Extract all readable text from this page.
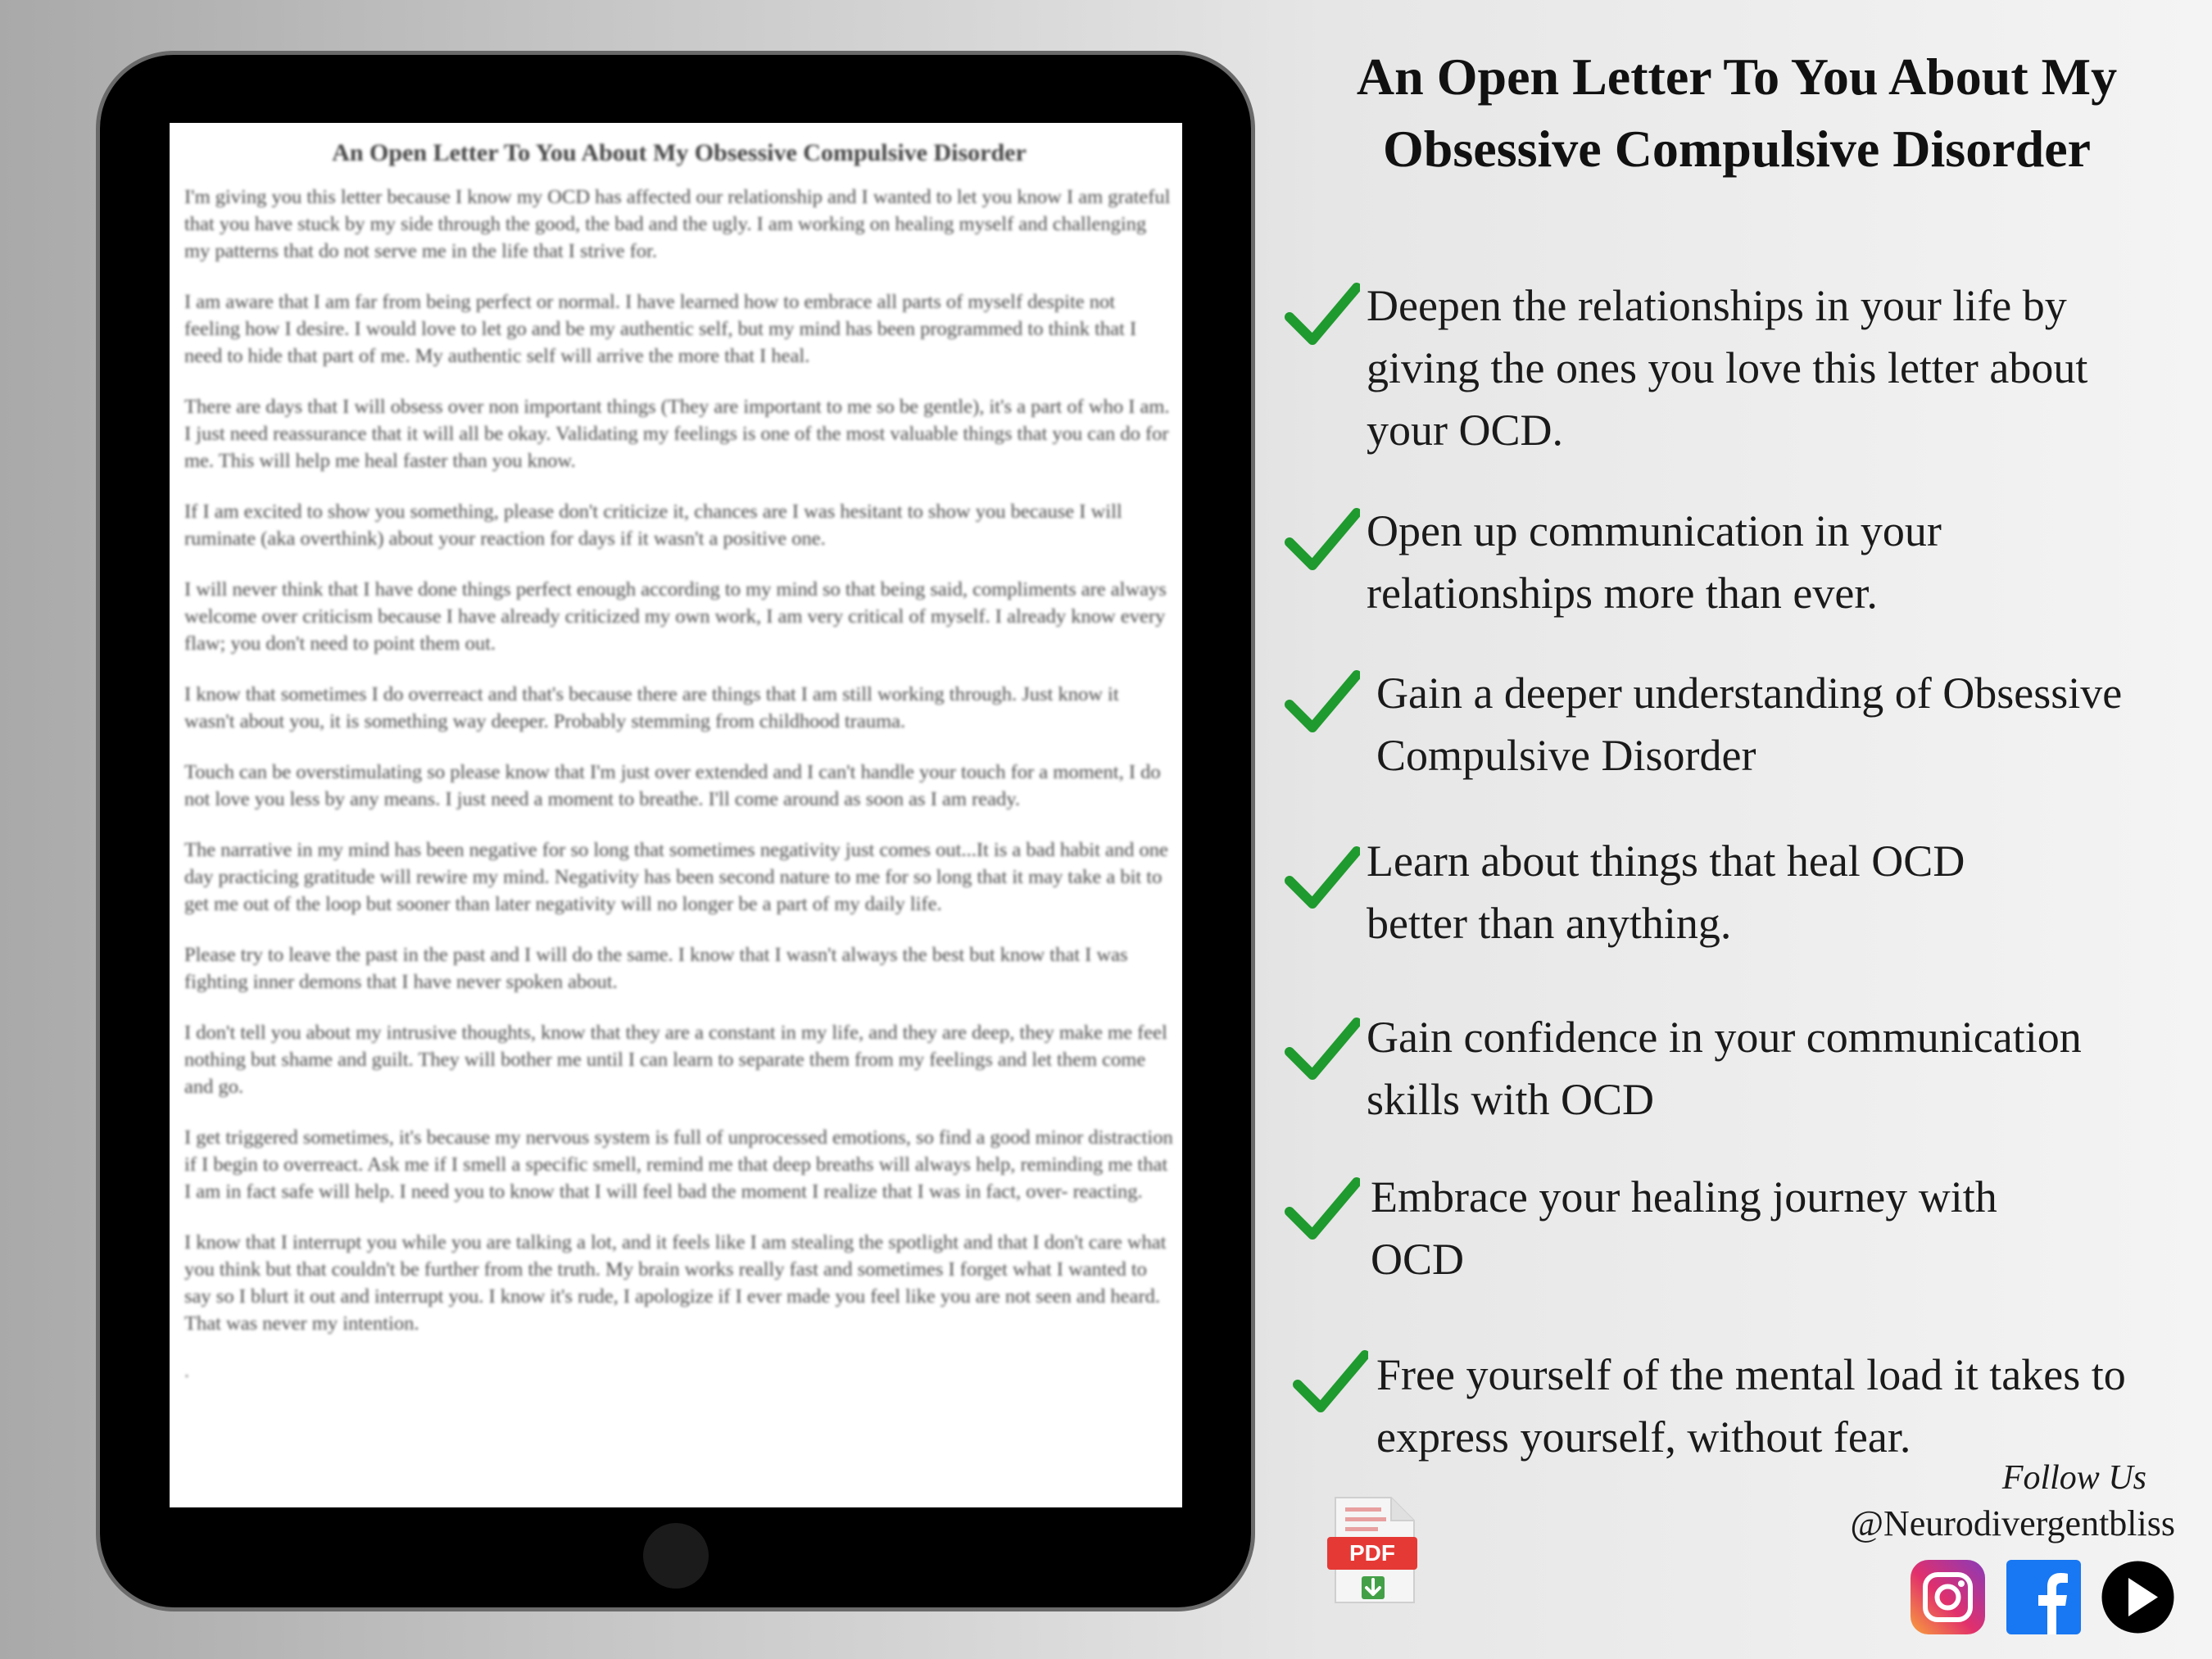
An Open Letter To You About My
Obsessive Compulsive Disorder
An Open Letter To You About My Obsessive Compulsive Disorder

I'm giving you this letter because I know my OCD has affected our relationship and I wanted to let you know I am grateful that you have stuck by my side through the good, the bad and the ugly. I am working on healing myself and challenging my patterns that do not serve me in the life that I strive for.

I am aware that I am far from being perfect or normal. I have learned how to embrace all parts of myself despite not feeling how I desire. I would love to let go and be my authentic self, but my mind has been programmed to think that I need to hide that part of me. My authentic self will arrive the more that I heal.

There are days that I will obsess over non important things (They are important to me so be gentle), it's a part of who I am. I just need reassurance that it will all be okay. Validating my feelings is one of the most valuable things that you can do for me. This will help me heal faster than you know.

If I am excited to show you something, please don't criticize it, chances are I was hesitant to show you because I will ruminate (aka overthink) about your reaction for days if it wasn't a positive one.

I will never think that I have done things perfect enough according to my mind so that being said, compliments are always welcome over criticism because I have already criticized my own work, I am very critical of myself. I already know every flaw; you don't need to point them out.

I know that sometimes I do overreact and that's because there are things that I am still working through. Just know it wasn't about you, it is something way deeper. Probably stemming from childhood trauma.

Touch can be overstimulating so please know that I'm just over extended and I can't handle your touch for a moment, I do not love you less by any means. I just need a moment to breathe. I'll come around as soon as I am ready.

The narrative in my mind has been negative for so long that sometimes negativity just comes out...It is a bad habit and one day practicing gratitude will rewire my mind. Negativity has been second nature to me for so long that it may take a bit to get me out of the loop but sooner than later negativity will no longer be a part of my daily life.

Please try to leave the past in the past and I will do the same. I know that I wasn't always the best but know that I was fighting inner demons that I have never spoken about.

I don't tell you about my intrusive thoughts, know that they are a constant in my life, and they are deep, they make me feel nothing but shame and guilt. They will bother me until I can learn to separate them from my feelings and let them come and go.

I get triggered sometimes, it's because my nervous system is full of unprocessed emotions, so find a good minor distraction if I begin to overreact. Ask me if I smell a specific smell, remind me that deep breaths will always help, reminding me that I am in fact safe will help. I need you to know that I will feel bad the moment I realize that I was in fact, over- reacting.

I know that I interrupt you while you are talking a lot, and it feels like I am stealing the spotlight and that I don't care what you think but that couldn't be further from the truth. My brain works really fast and sometimes I forget what I wanted to say so I blurt it out and interrupt you. I know it's rude, I apologize if I ever made you feel like you are not seen and heard. That was never my intention.

.

Deepen the relationships in your life by
giving the ones you love this letter about
your OCD.

Open up communication in your
relationships more than ever.

Gain a deeper understanding of Obsessive
Compulsive Disorder

Learn about things that heal OCD
better than anything.

Gain confidence in your communication
skills with OCD

Embrace your healing journey with
OCD

Free yourself of the mental load it takes to
express yourself, without fear.

PDF

Follow Us

@Neurodivergentbliss
